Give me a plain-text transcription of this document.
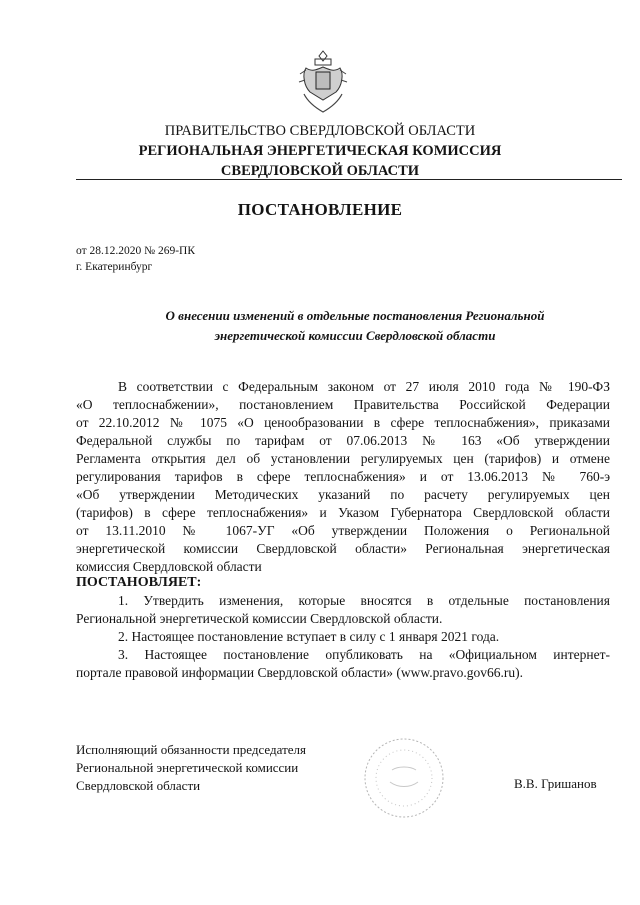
ПРАВИТЕЛЬСТВО СВЕРДЛОВСКОЙ ОБЛАСТИ
РЕГИОНАЛЬНАЯ ЭНЕРГЕТИЧЕСКАЯ КОМИССИЯ
СВЕРДЛОВСКОЙ ОБЛАСТИ
ПОСТАНОВЛЕНИЕ
от 28.12.2020 № 269-ПК
г. Екатеринбург
О внесении изменений в отдельные постановления Региональной
энергетической комиссии Свердловской области
В соответствии с Федеральным законом от 27 июля 2010 года № 190-ФЗ
«О теплоснабжении», постановлением Правительства Российской Федерации
от 22.10.2012 № 1075 «О ценообразовании в сфере теплоснабжения», приказами
Федеральной службы по тарифам от 07.06.2013 № 163 «Об утверждении
Регламента открытия дел об установлении регулируемых цен (тарифов) и отмене
регулирования тарифов в сфере теплоснабжения» и от 13.06.2013 № 760-э
«Об утверждении Методических указаний по расчету регулируемых цен
(тарифов) в сфере теплоснабжения» и Указом Губернатора Свердловской области
от 13.11.2010 № 1067-УГ «Об утверждении Положения о Региональной
энергетической комиссии Свердловской области» Региональная энергетическая
комиссия Свердловской области
ПОСТАНОВЛЯЕТ:
1. Утвердить изменения, которые вносятся в отдельные постановления
Региональной энергетической комиссии Свердловской области.
2. Настоящее постановление вступает в силу с 1 января 2021 года.
3. Настоящее постановление опубликовать на «Официальном интернет-
портале правовой информации Свердловской области» (www.pravo.gov66.ru).
Исполняющий обязанности председателя
Региональной энергетической комиссии
Свердловской области	В.В. Гришанов
